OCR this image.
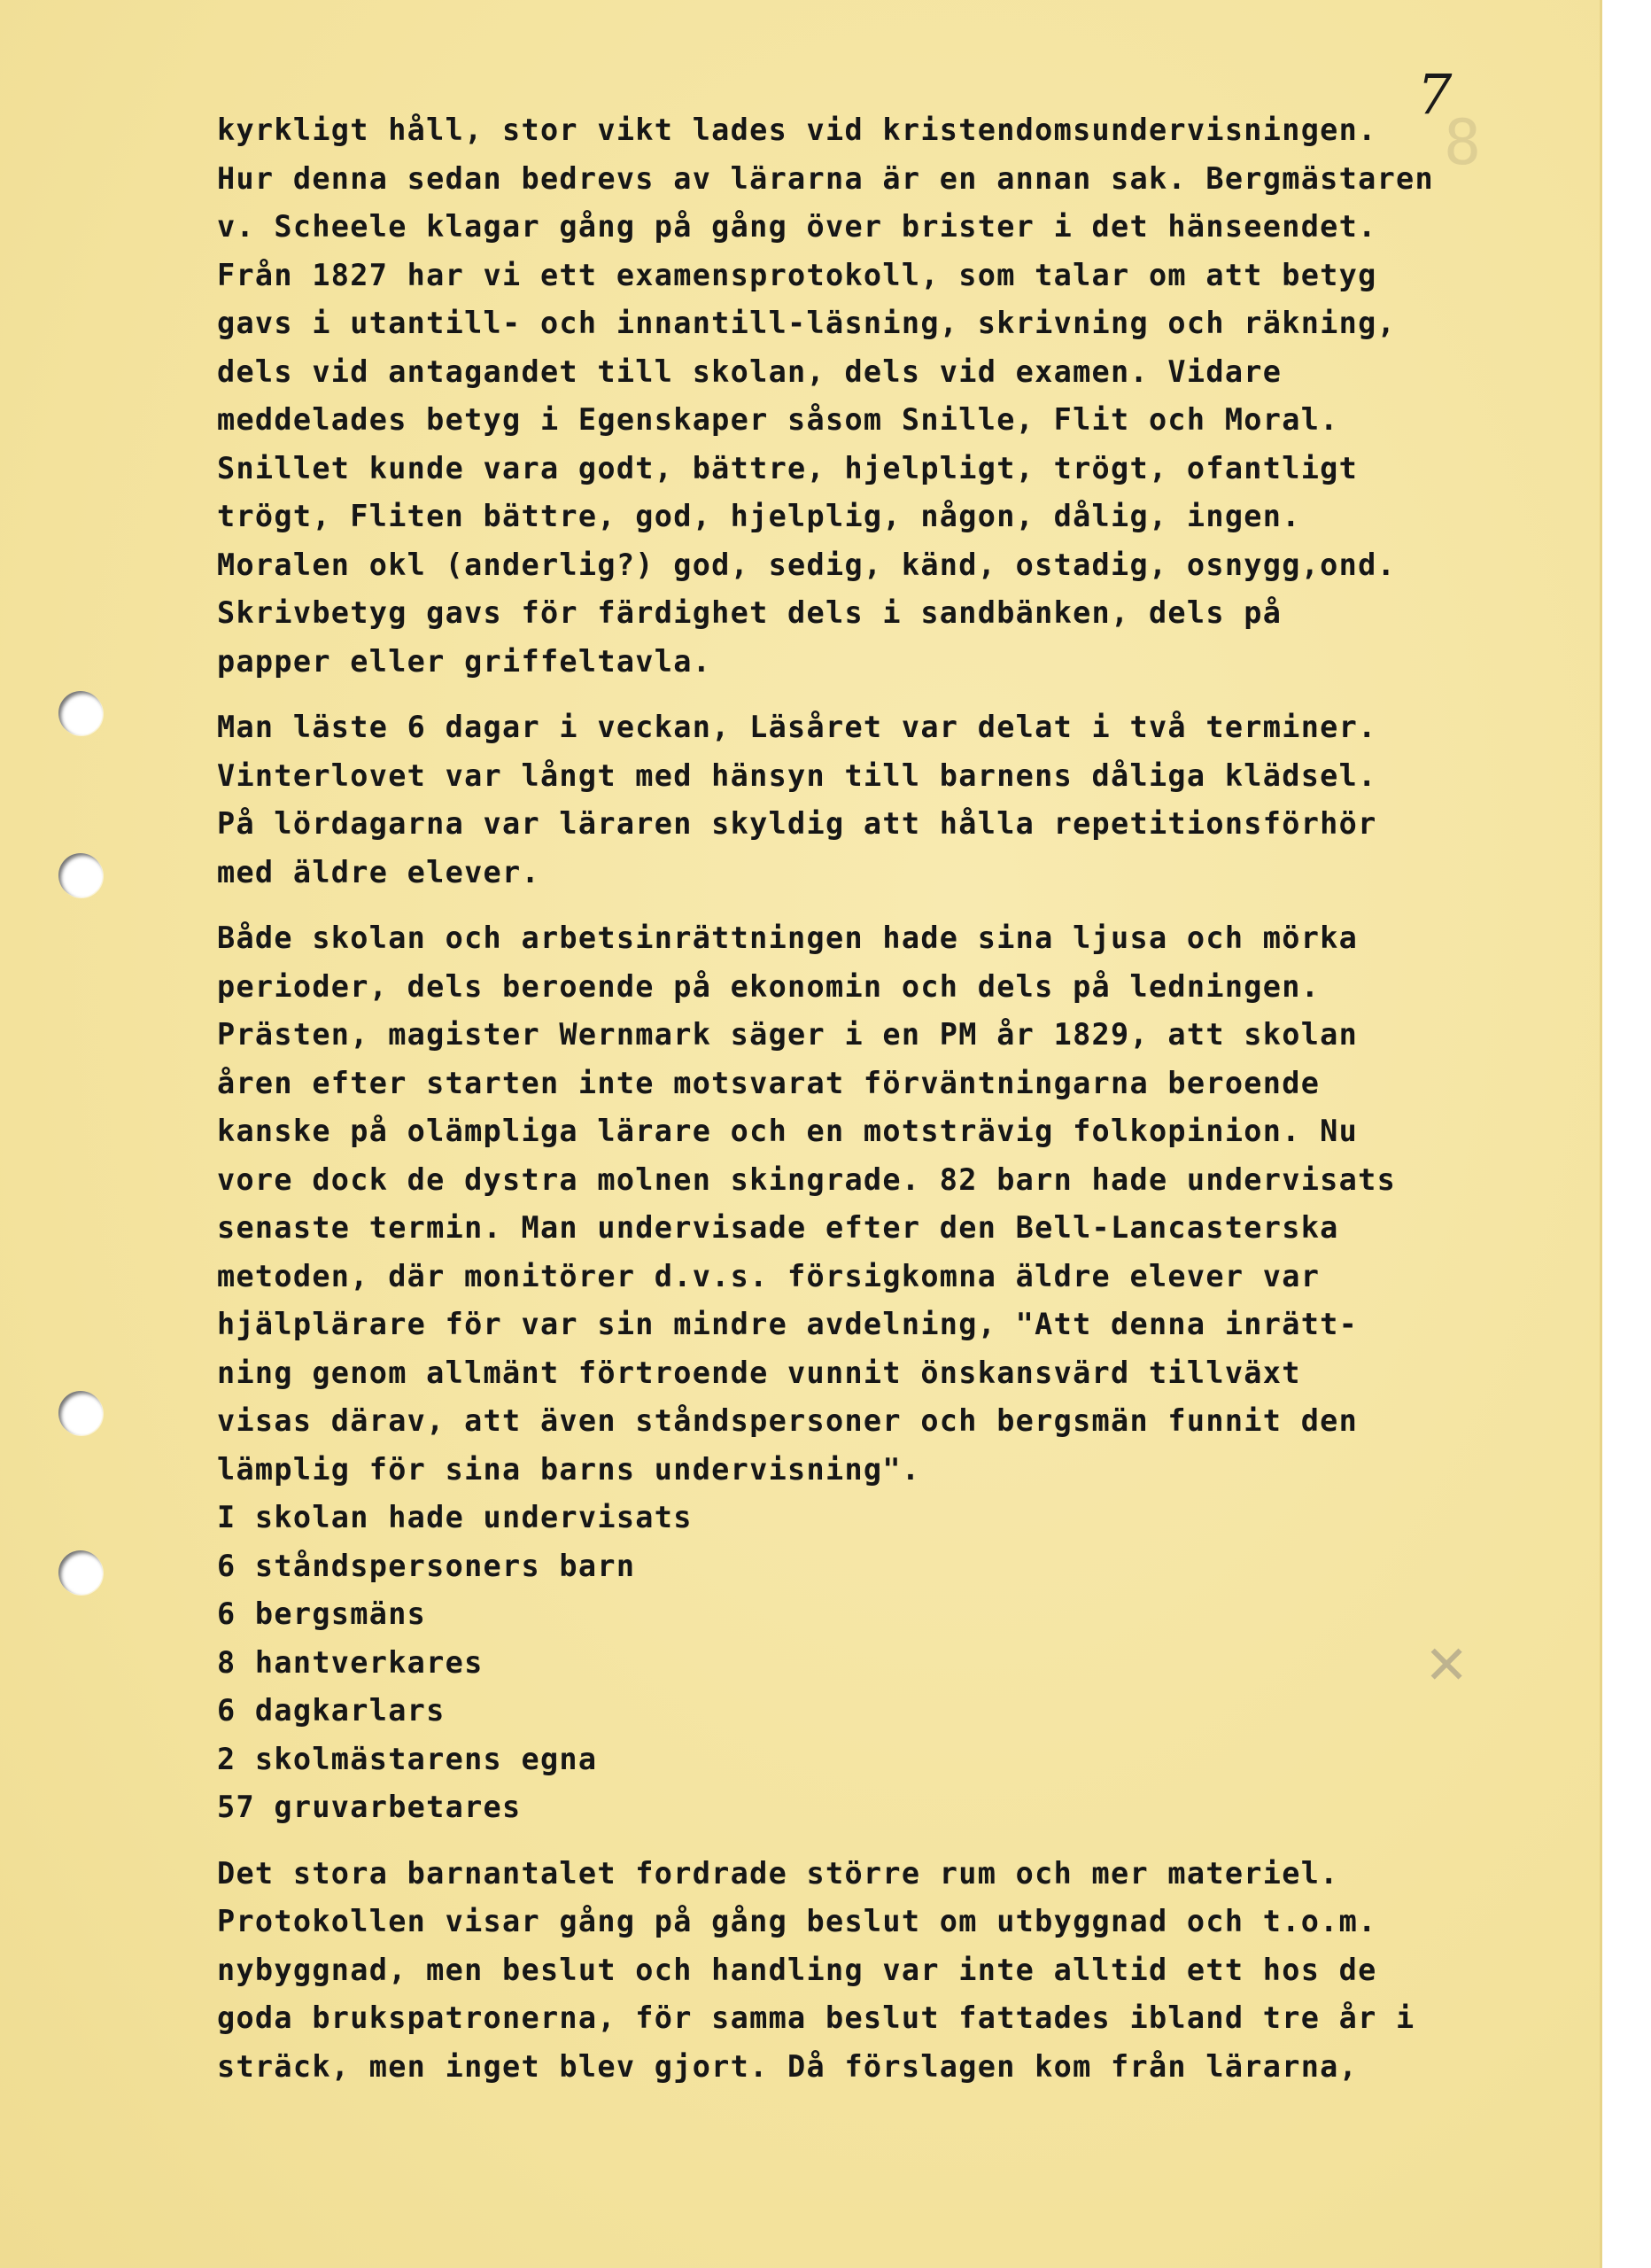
8
7
✕
kyrkligt håll, stor vikt lades vid kristendomsundervisningen.
Hur denna sedan bedrevs av lärarna är en annan sak. Bergmästaren
v. Scheele klagar gång på gång över brister i det hänseendet.
Från 1827 har vi ett examensprotokoll, som talar om att betyg
gavs i utantill- och innantill-läsning, skrivning och räkning,
dels vid antagandet till skolan, dels vid examen. Vidare
meddelades betyg i Egenskaper såsom Snille, Flit och Moral.
Snillet kunde vara godt, bättre, hjelpligt, trögt, ofantligt
trögt, Fliten bättre, god, hjelplig, någon, dålig, ingen.
Moralen okl (anderlig?) god, sedig, känd, ostadig, osnygg,ond.
Skrivbetyg gavs för färdighet dels i sandbänken, dels på
papper eller griffeltavla.
Man läste 6 dagar i veckan, Läsåret var delat i två terminer.
Vinterlovet var långt med hänsyn till barnens dåliga klädsel.
På lördagarna var läraren skyldig att hålla repetitionsförhör
med äldre elever.
Både skolan och arbetsinrättningen hade sina ljusa och mörka
perioder, dels beroende på ekonomin och dels på ledningen.
Prästen, magister Wernmark säger i en PM år 1829, att skolan
åren efter starten inte motsvarat förväntningarna beroende
kanske på olämpliga lärare och en motsträvig folkopinion. Nu
vore dock de dystra molnen skingrade. 82 barn hade undervisats
senaste termin. Man undervisade efter den Bell-Lancasterska
metoden, där monitörer d.v.s. försigkomna äldre elever var
hjälplärare för var sin mindre avdelning, "Att denna inrätt-
ning genom allmänt förtroende vunnit önskansvärd tillväxt
visas därav, att även ståndspersoner och bergsmän funnit den
lämplig för sina barns undervisning".
I skolan hade undervisats
6 ståndspersoners barn
6 bergsmäns
8 hantverkares
6 dagkarlars
2 skolmästarens egna
57 gruvarbetares
Det stora barnantalet fordrade större rum och mer materiel.
Protokollen visar gång på gång beslut om utbyggnad och t.o.m.
nybyggnad, men beslut och handling var inte alltid ett hos de
goda brukspatronerna, för samma beslut fattades ibland tre år i
sträck, men inget blev gjort. Då förslagen kom från lärarna,
